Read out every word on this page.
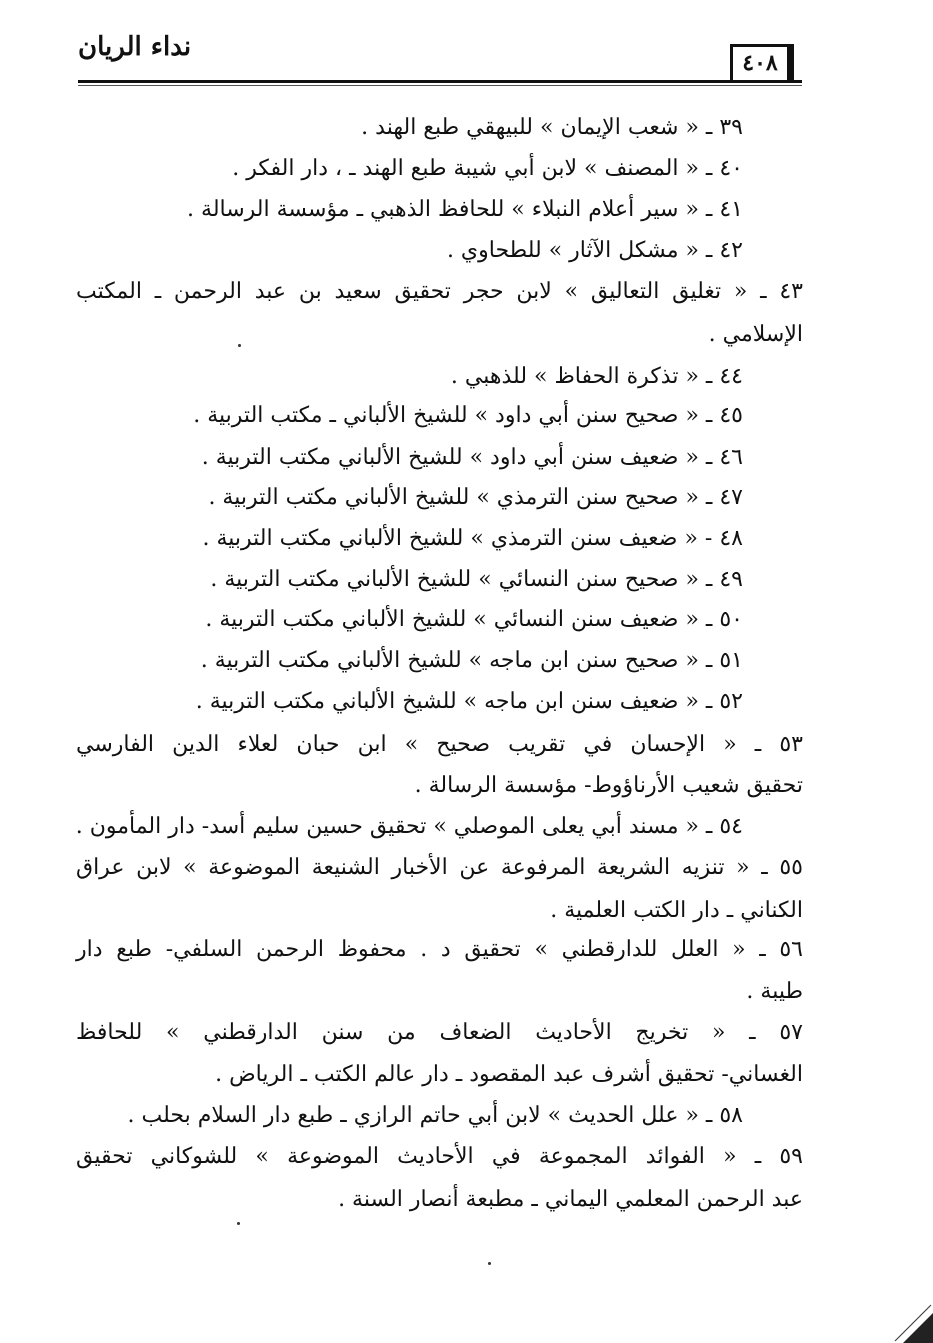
نداء الريان
٤٠٨
٣٩ ـ « شعب الإيمان » للبيهقي طبع الهند .
٤٠ ـ « المصنف » لابن أبي شيبة طبع الهند ـ ، دار الفكر .
٤١ ـ « سير أعلام النبلاء » للحافظ الذهبي ـ مؤسسة الرسالة .
٤٢ ـ « مشكل الآثار » للطحاوي .
٤٣ ـ « تغليق التعاليق » لابن حجر تحقيق سعيد بن عبد الرحمن ـ المكتب
الإسلامي .
٤٤ ـ « تذكرة الحفاظ » للذهبي .
٤٥ ـ « صحيح سنن أبي داود » للشيخ الألباني ـ مكتب التربية .
٤٦ ـ « ضعيف سنن أبي داود » للشيخ الألباني مكتب التربية .
٤٧ ـ « صحيح سنن الترمذي » للشيخ الألباني مكتب التربية .
٤٨ - « ضعيف سنن الترمذي » للشيخ الألباني مكتب التربية .
٤٩ ـ « صحيح سنن النسائي » للشيخ الألباني مكتب التربية .
٥٠ ـ « ضعيف سنن النسائي » للشيخ الألباني مكتب التربية .
٥١ ـ « صحيح سنن ابن ماجه » للشيخ الألباني مكتب التربية .
٥٢ ـ « ضعيف سنن ابن ماجه » للشيخ الألباني مكتب التربية .
٥٣ ـ « الإحسان في تقريب صحيح » ابن حبان لعلاء الدين الفارسي
تحقيق شعيب الأرناؤوط- مؤسسة الرسالة .
٥٤ ـ « مسند أبي يعلى الموصلي » تحقيق حسين سليم أسد- دار المأمون .
٥٥ ـ « تنزيه الشريعة المرفوعة عن الأخبار الشنيعة الموضوعة » لابن عراق
الكناني ـ دار الكتب العلمية .
٥٦ ـ « العلل للدارقطني » تحقيق د . محفوظ الرحمن السلفي- طبع دار
طيبة .
٥٧ ـ « تخريج الأحاديث الضعاف من سنن الدارقطني » للحافظ
الغساني- تحقيق أشرف عبد المقصود ـ دار عالم الكتب ـ الرياض .
٥٨ ـ « علل الحديث » لابن أبي حاتم الرازي ـ طبع دار السلام بحلب .
٥٩ ـ « الفوائد المجموعة في الأحاديث الموضوعة » للشوكاني تحقيق
عبد الرحمن المعلمي اليماني ـ مطبعة أنصار السنة .
